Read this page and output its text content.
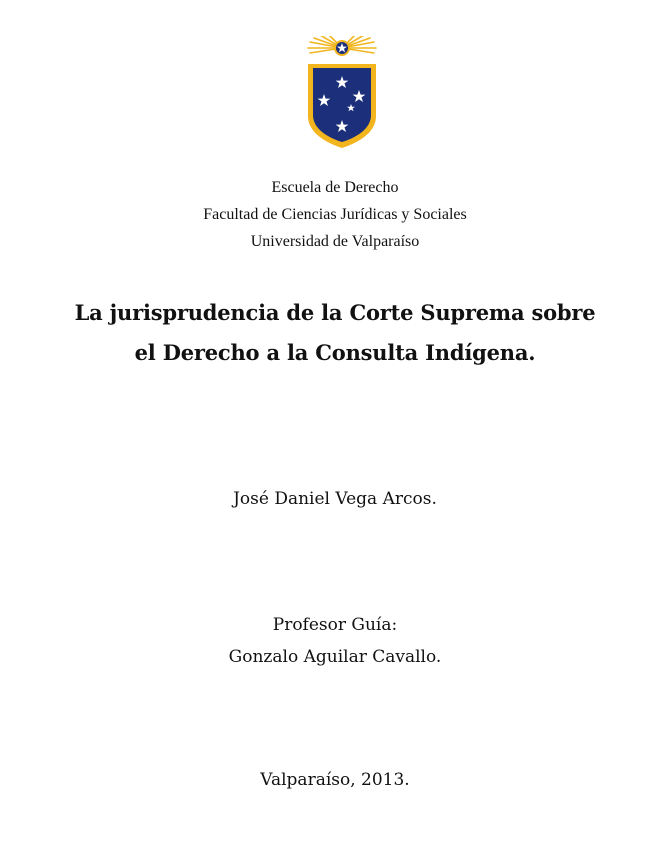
Escuela de Derecho
Facultad de Ciencias Jurídicas y Sociales
Universidad de Valparaíso
La jurisprudencia de la Corte Suprema sobre
el Derecho a la Consulta Indígena.
José Daniel Vega Arcos.
Profesor Guía:
Gonzalo Aguilar Cavallo.
Valparaíso, 2013.
